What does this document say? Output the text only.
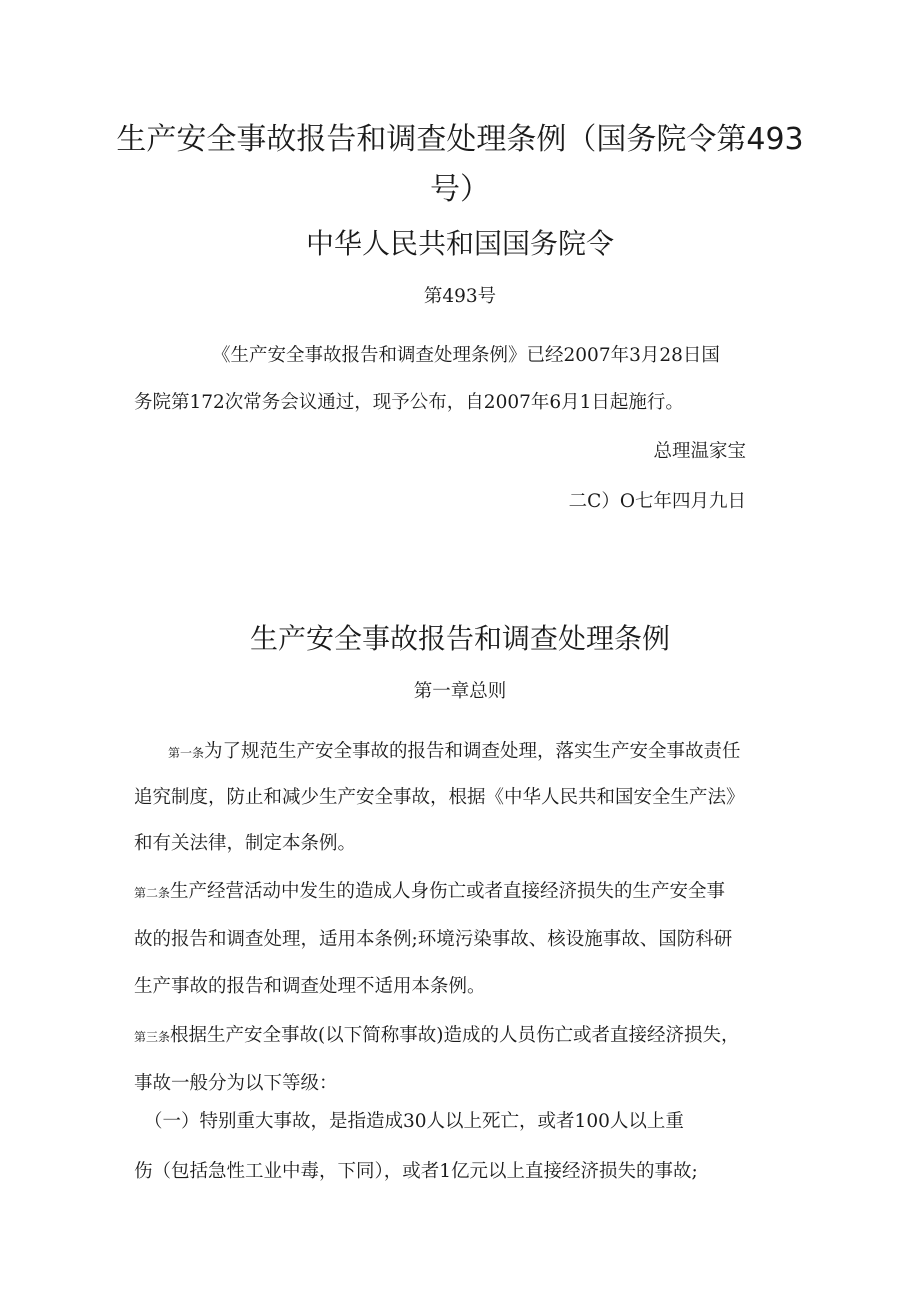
生产安全事故报告和调查处理条例（国务院令第493
号）
中华人民共和国国务院令
第493号
《生产安全事故报告和调查处理条例》已经2007年3月28日国
务院第172次常务会议通过，现予公布，自2007年6月1日起施行。
总理温家宝
二C）O七年四月九日
生产安全事故报告和调查处理条例
第一章总则
第一条为了规范生产安全事故的报告和调查处理，落实生产安全事故责任
追究制度，防止和减少生产安全事故，根据《中华人民共和国安全生产法》
和有关法律，制定本条例。
第二条生产经营活动中发生的造成人身伤亡或者直接经济损失的生产安全事
故的报告和调查处理，适用本条例;环境污染事故、核设施事故、国防科研
生产事故的报告和调查处理不适用本条例。
第三条根据生产安全事故(以下简称事故)造成的人员伤亡或者直接经济损失，
事故一般分为以下等级：
（一）特别重大事故，是指造成30人以上死亡，或者100人以上重
伤（包括急性工业中毒，下同），或者1亿元以上直接经济损失的事故;
